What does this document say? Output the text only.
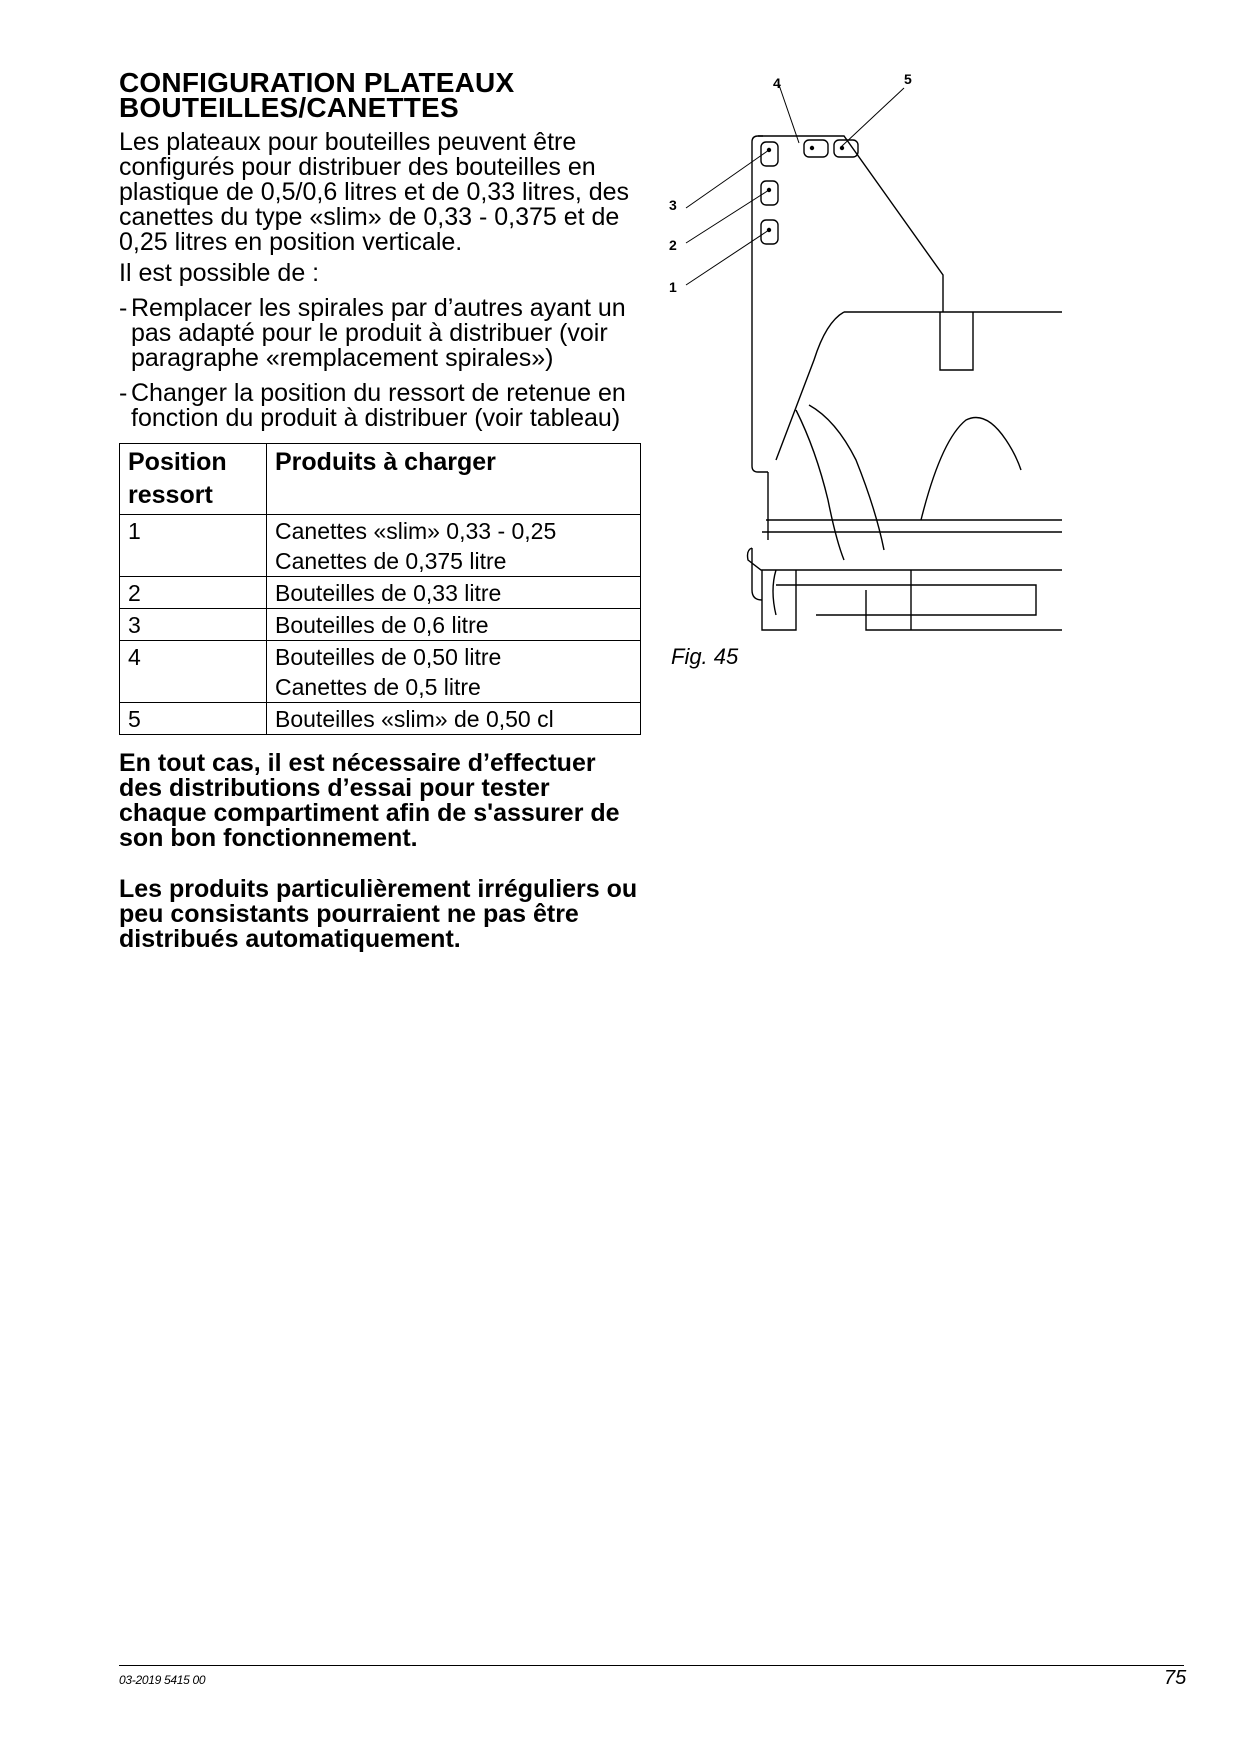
CONFIGURATION PLATEAUX
BOUTEILLES/CANETTES

Les plateaux pour bouteilles peuvent être configurés pour distribuer des bouteilles en plastique de 0,5/0,6 litres et de 0,33 litres, des canettes du type «slim» de 0,33 - 0,375 et de 0,25 litres en position verticale.

Il est possible de :

- Remplacer les spirales par d’autres ayant un pas adapté pour le produit à distribuer (voir paragraphe «remplacement spirales»)
- Changer la position du ressort de retenue en fonction du produit à distribuer (voir tableau)
Position ressort	Produits à charger
1	Canettes «slim» 0,33 - 0,25
Canettes de 0,375 litre

2	Bouteilles de 0,33 litre

3	Bouteilles de 0,6 litre

4	Bouteilles de 0,50 litre
Canettes de 0,5 litre

5	Bouteilles «slim» de 0,50 cl

En tout cas, il est nécessaire d’effectuer des distributions d’essai pour tester chaque compartiment afin de s'assurer de son bon fonctionnement.

Les produits particulièrement irréguliers ou peu consistants pourraient ne pas être distribués automatiquement.

4	5
3
2
1
Fig. 45
03-2019 5415 00	75
